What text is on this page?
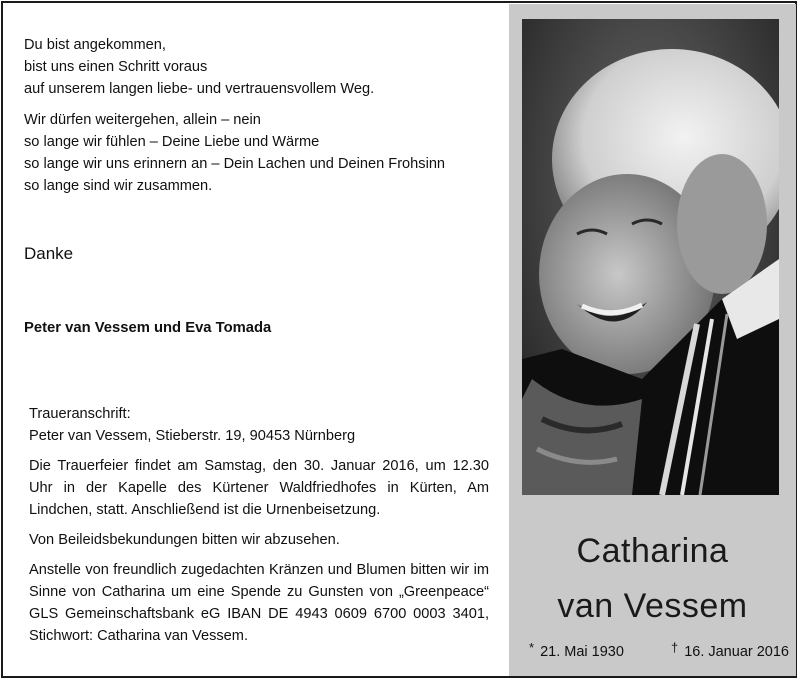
Du bist angekommen,
bist uns einen Schritt voraus
auf unserem langen liebe- und vertrauensvollem Weg.
Wir dürfen weitergehen, allein – nein
so lange wir fühlen – Deine Liebe und Wärme
so lange wir uns erinnern an – Dein Lachen und Deinen Frohsinn
so lange sind wir zusammen.
Danke
Peter van Vessem und Eva Tomada

Traueranschrift:
Peter van Vessem, Stieberstr. 19, 90453 Nürnberg

Die Trauerfeier findet am Samstag, den 30. Januar 2016, um 12.30 Uhr in der Kapelle des Kürtener Waldfriedhofes in Kürten, Am Lindchen, statt. Anschließend ist die Urnenbeisetzung.

Von Beileidsbekundungen bitten wir abzusehen.

Anstelle von freundlich zugedachten Kränzen und Blumen bitten wir im Sinne von Catharina um eine Spende zu Gunsten von „Greenpeace“ GLS Gemeinschaftsbank eG IBAN DE 4943 0609 6700 0003 3401, Stichwort: Catharina van Vessem.

Catharina
van Vessem
* 21. Mai 1930	† 16. Januar 2016
